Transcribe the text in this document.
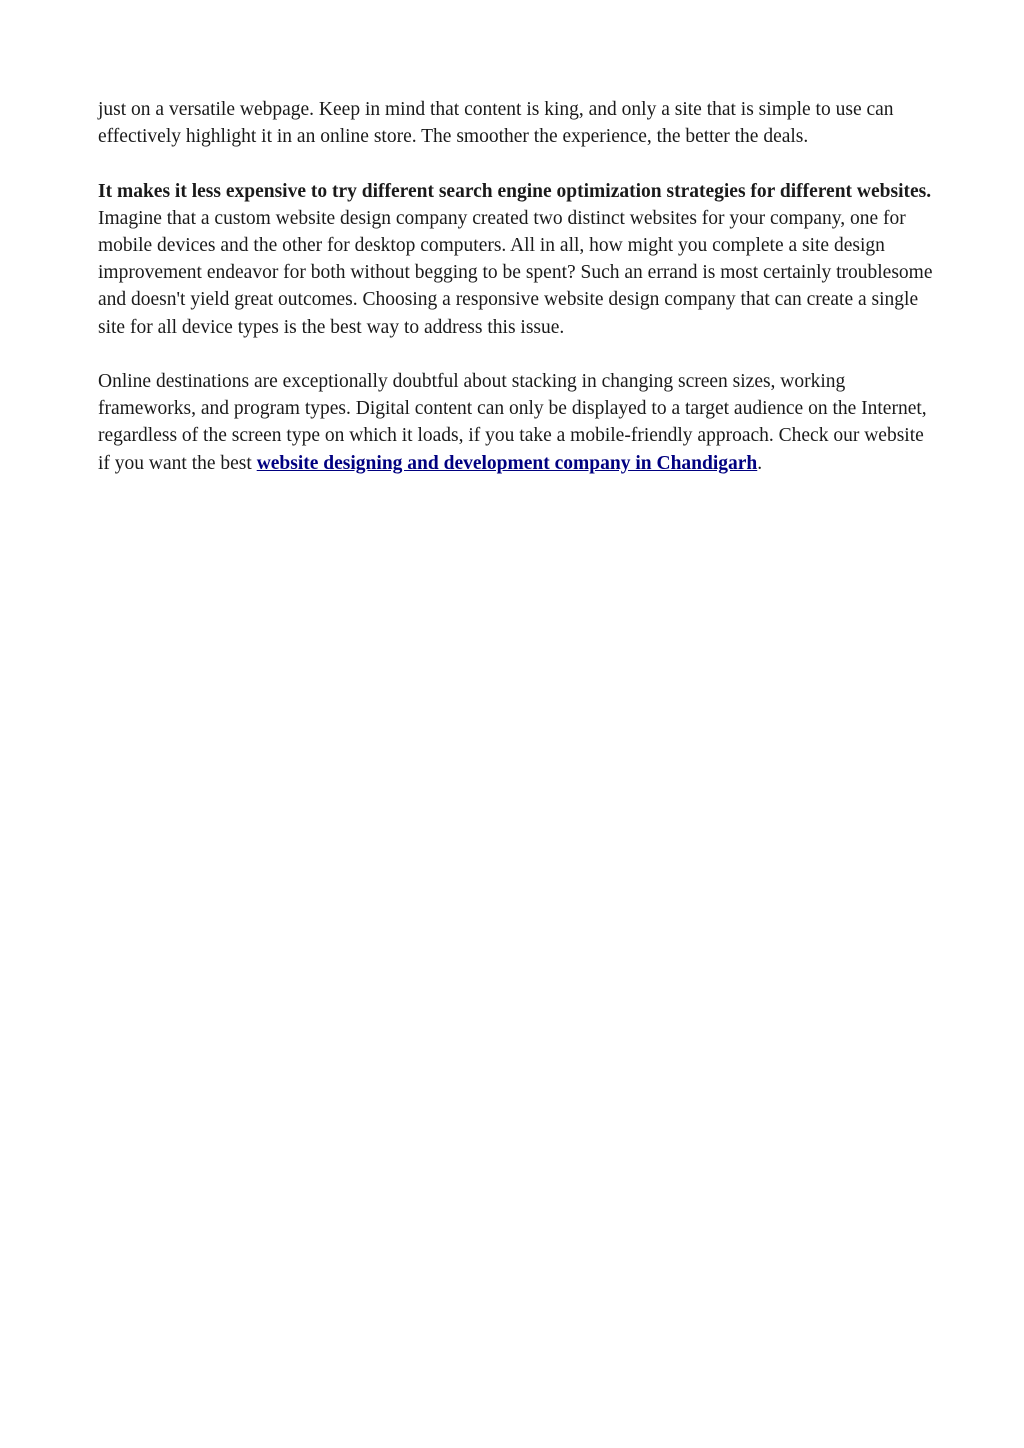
just on a versatile webpage. Keep in mind that content is king, and only a site that is simple to use can effectively highlight it in an online store. The smoother the experience, the better the deals.

It makes it less expensive to try different search engine optimization strategies for different websites.

Imagine that a custom website design company created two distinct websites for your company, one for mobile devices and the other for desktop computers. All in all, how might you complete a site design improvement endeavor for both without begging to be spent? Such an errand is most certainly troublesome and doesn't yield great outcomes. Choosing a responsive website design company that can create a single site for all device types is the best way to address this issue.

Online destinations are exceptionally doubtful about stacking in changing screen sizes, working frameworks, and program types. Digital content can only be displayed to a target audience on the Internet, regardless of the screen type on which it loads, if you take a mobile-friendly approach. Check our website if you want the best website designing and development company in Chandigarh.
